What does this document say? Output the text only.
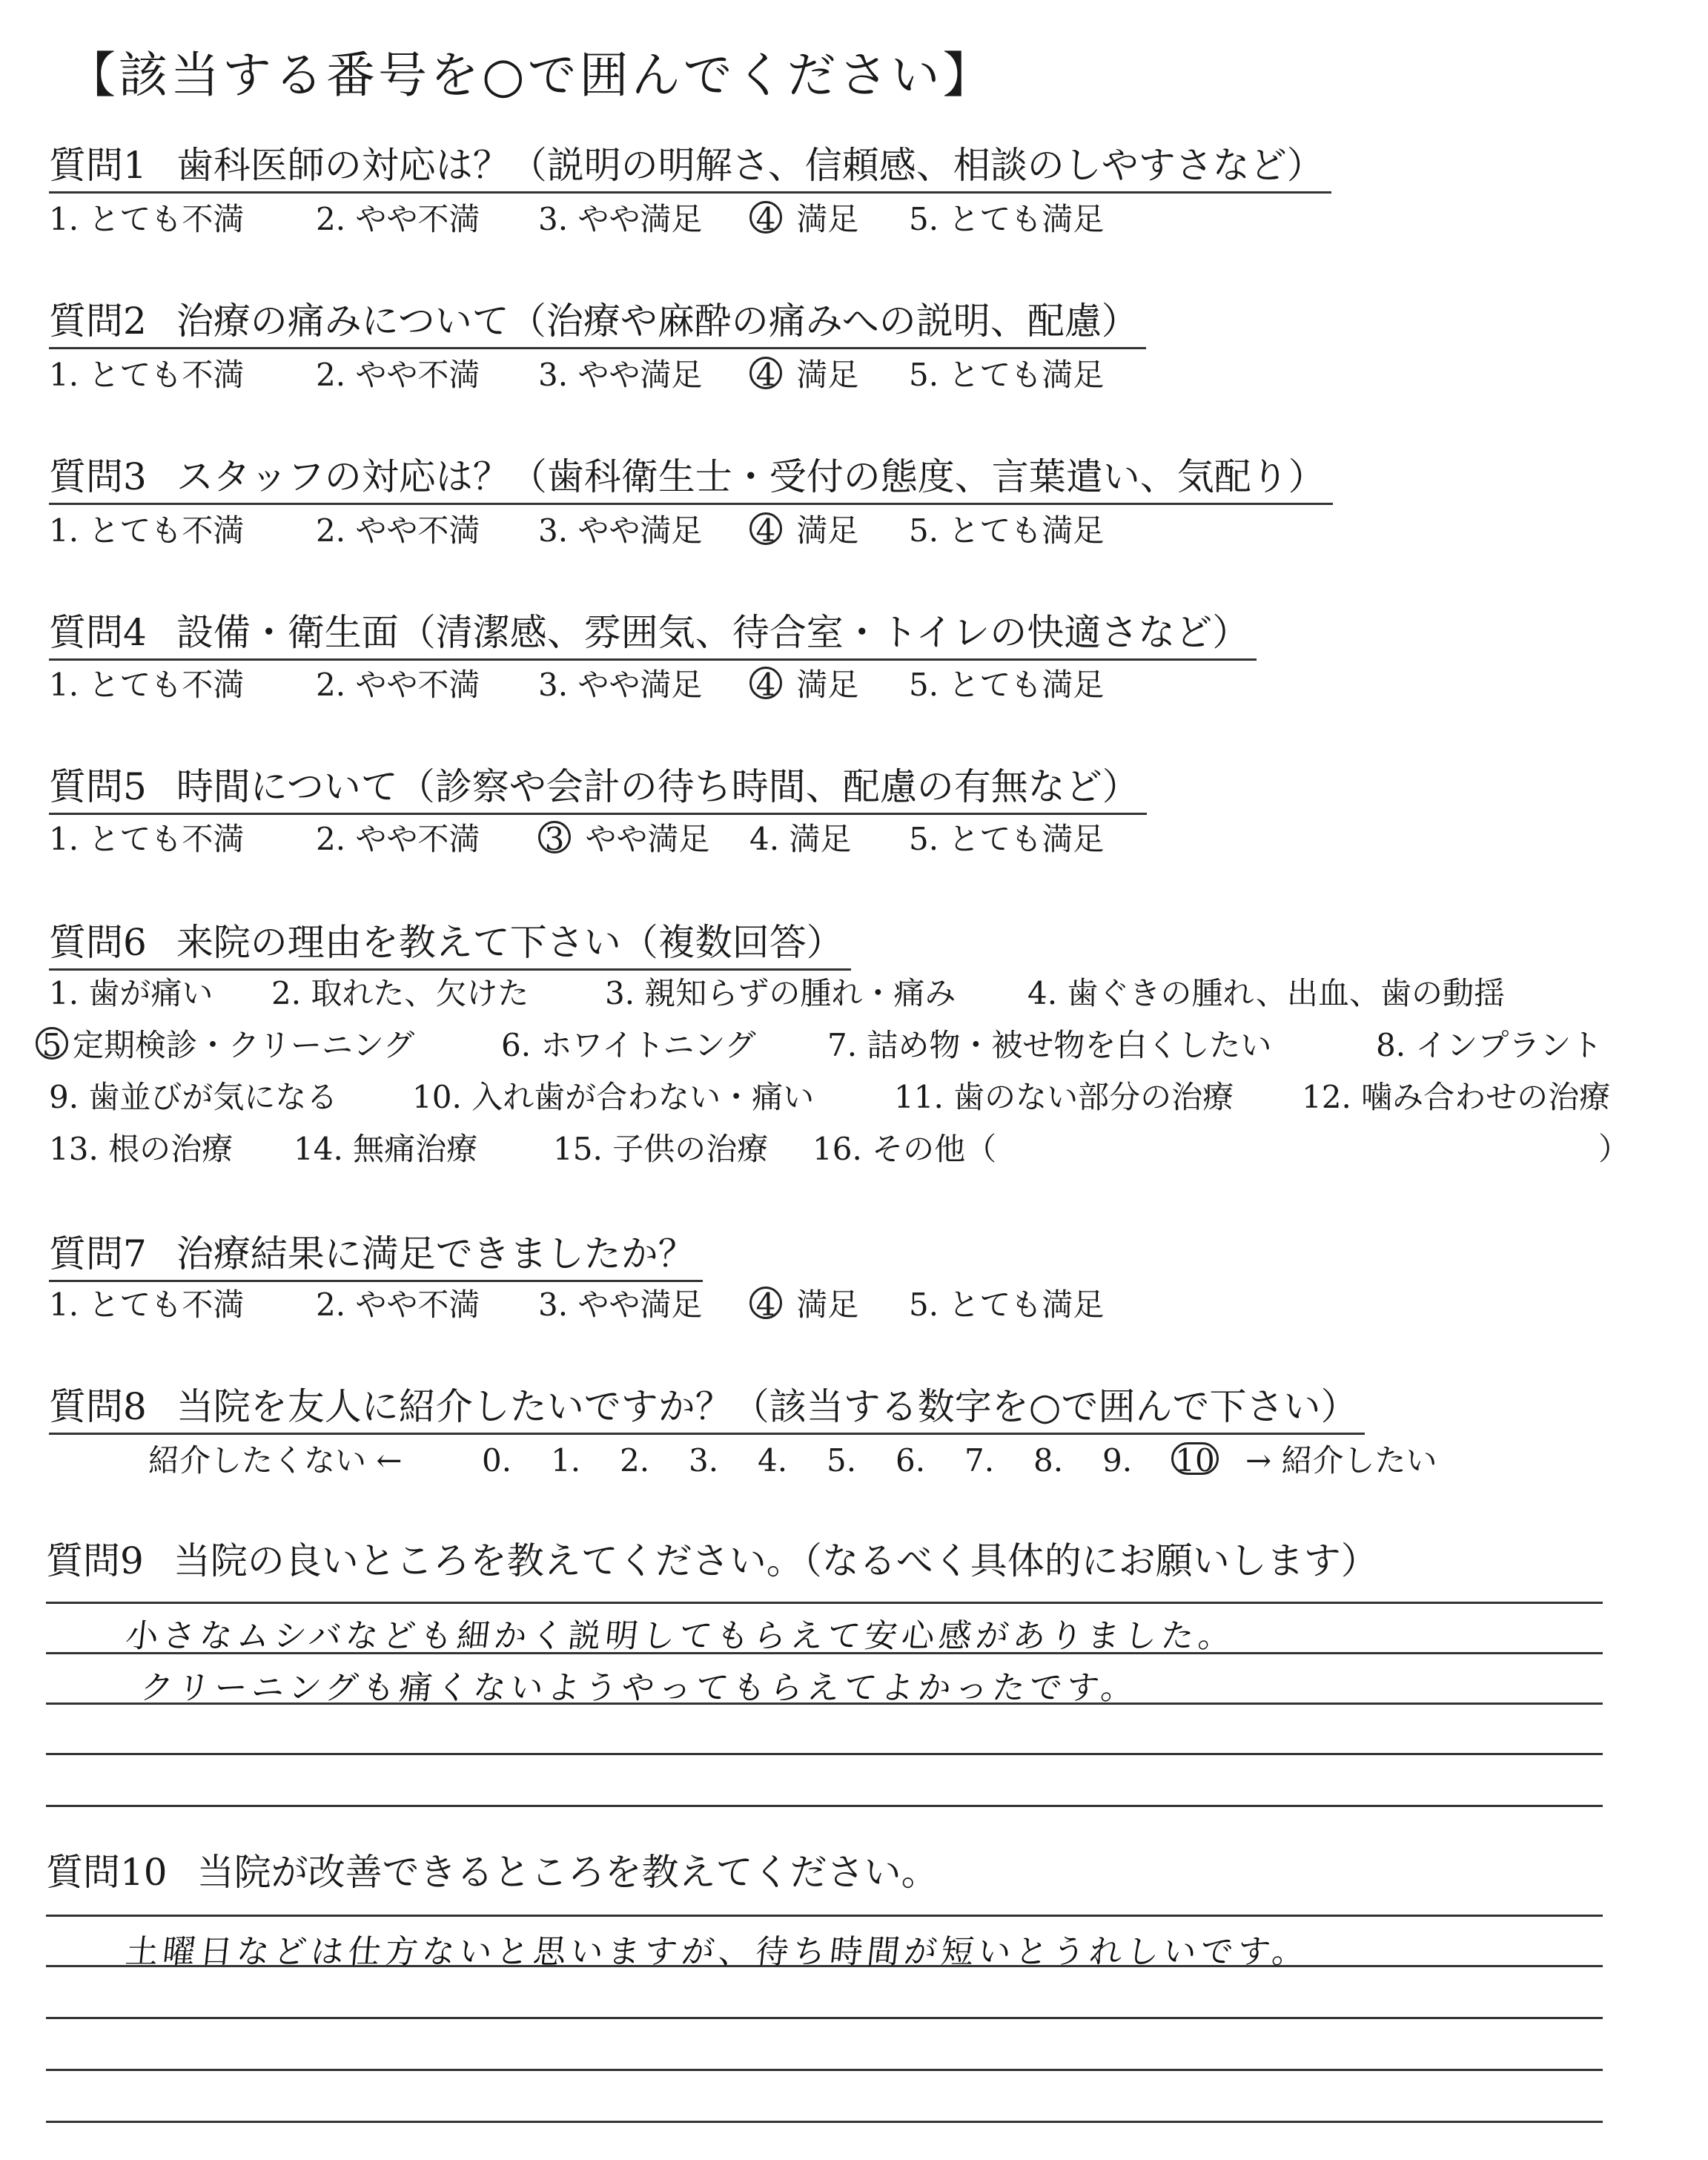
【該当する番号を○で囲んでください】
質問1 歯科医師の対応は？（説明の明解さ、信頼感、相談のしやすさなど）
1. とても不満 2. やや不満 3. やや満足 4 満足 5. とても満足
質問2 治療の痛みについて（治療や麻酔の痛みへの説明、配慮）
1. とても不満 2. やや不満 3. やや満足 4 満足 5. とても満足
質問3 スタッフの対応は？（歯科衛生士・受付の態度、言葉遣い、気配り）
1. とても不満 2. やや不満 3. やや満足 4 満足 5. とても満足
質問4 設備・衛生面（清潔感、雰囲気、待合室・トイレの快適さなど）
1. とても不満 2. やや不満 3. やや満足 4 満足 5. とても満足
質問5 時間について（診察や会計の待ち時間、配慮の有無など）
1. とても不満 2. やや不満 3 やや満足 4. 満足 5. とても満足
質問6 来院の理由を教えて下さい（複数回答）
1. 歯が痛い 2. 取れた、欠けた 3. 親知らずの腫れ・痛み 4. 歯ぐきの腫れ、出血、歯の動揺
5 定期検診・クリーニング	6. ホワイトニング 7. 詰め物・被せ物を白くしたい	8. インプラント
9. 歯並びが気になる 10. 入れ歯が合わない・痛い	11. 歯のない部分の治療 12. 噛み合わせの治療
13. 根の治療 14. 無痛治療 15. 子供の治療 16. その他（	）
質問7 治療結果に満足できましたか？
1. とても不満 2. やや不満 3. やや満足 4 満足 5. とても満足
質問8 当院を友人に紹介したいですか？（該当する数字を○で囲んで下さい）
紹介したくない ←	→ 紹介したい
0. 1. 2. 3. 4. 5. 6. 7. 8. 9. 10
質問9 当院の良いところを教えてください。（なるべく具体的にお願いします）
小さなムシバなども細かく説明してもらえて安心感がありました。
クリーニングも痛くないようやってもらえてよかったです。
質問10 当院が改善できるところを教えてください。
土曜日などは仕方ないと思いますが、待ち時間が短いとうれしいです。
